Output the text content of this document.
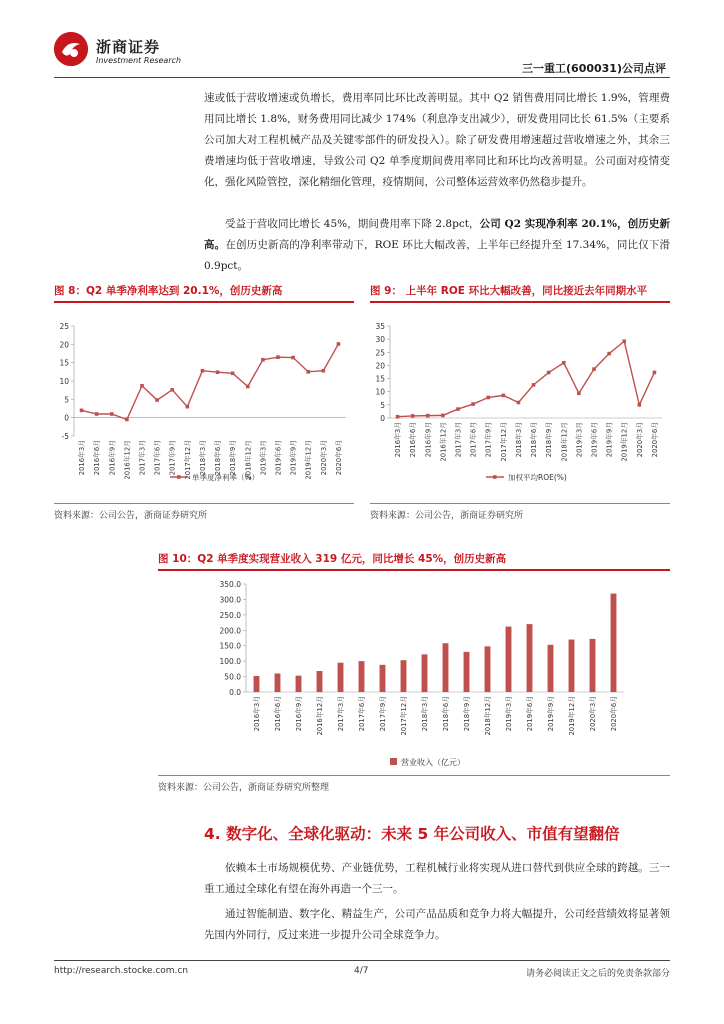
浙商证券
Investment Research
三一重工(600031)公司点评

速或低于营收增速或负增长，费用率同比环比改善明显。其中 Q2 销售费用同比增长 1.9%，管理费用同比增长 1.8%，财务费用同比减少 174%（利息净支出减少），研发费用同比长 61.5%（主要系公司加大对工程机械产品及关键零部件的研发投入）。除了研发费用增速超过营收增速之外，其余三费增速均低于营收增速，导致公司 Q2 单季度期间费用率同比和环比均改善明显。公司面对疫情变化，强化风险管控，深化精细化管理，疫情期间，公司整体运营效率仍然稳步提升。

受益于营收同比增长 45%，期间费用率下降 2.8pct，公司 Q2 实现净利率 20.1%，创历史新高。在创历史新高的净利率带动下，ROE 环比大幅改善，上半年已经提升至 17.34%，同比仅下滑 0.9pct。

图 8：Q2 单季净利率达到 20.1%，创历史新高
25
20
15
10
5
0
-5
2016年3月 2016年6月 2016年9月 2016年12月 2017年3月 2017年6月 2017年9月 2017年12月 2018年3月 2018年6月 2018年9月 2018年12月 2019年3月 2019年6月 2019年9月 2019年12月 2020年3月 2020年6月
单季度净利率（%）
资料来源：公司公告，浙商证券研究所
图 9： 上半年 ROE 环比大幅改善，同比接近去年同期水平
35
30
25
20
15
10
5
0
2016年3月 2016年6月 2016年9月 2016年12月 2017年3月 2017年6月 2017年9月 2017年12月 2018年3月 2018年6月 2018年9月 2018年12月 2019年3月 2019年6月 2019年9月 2019年12月 2020年3月 2020年6月
加权平均ROE(%)
资料来源：公司公告，浙商证券研究所
图 10：Q2 单季度实现营业收入 319 亿元，同比增长 45%，创历史新高
350.0
300.0
250.0
200.0
150.0
100.0
50.0
0.0
2016年3月 2016年6月 2016年9月 2016年12月 2017年3月 2017年6月 2017年9月 2017年12月 2018年3月 2018年6月 2018年9月 2018年12月 2019年3月 2019年6月 2019年9月 2019年12月 2020年3月 2020年6月
营业收入（亿元）
资料来源：公司公告，浙商证券研究所整理
4. 数字化、全球化驱动：未来 5 年公司收入、市值有望翻倍

依赖本土市场规模优势、产业链优势，工程机械行业将实现从进口替代到供应全球的跨越。三一重工通过全球化有望在海外再造一个三一。

通过智能制造、数字化、精益生产，公司产品品质和竞争力将大幅提升，公司经营绩效将显著领先国内外同行，反过来进一步提升公司全球竞争力。

http://research.stocke.com.cn	4/7	请务必阅读正文之后的免责条款部分
